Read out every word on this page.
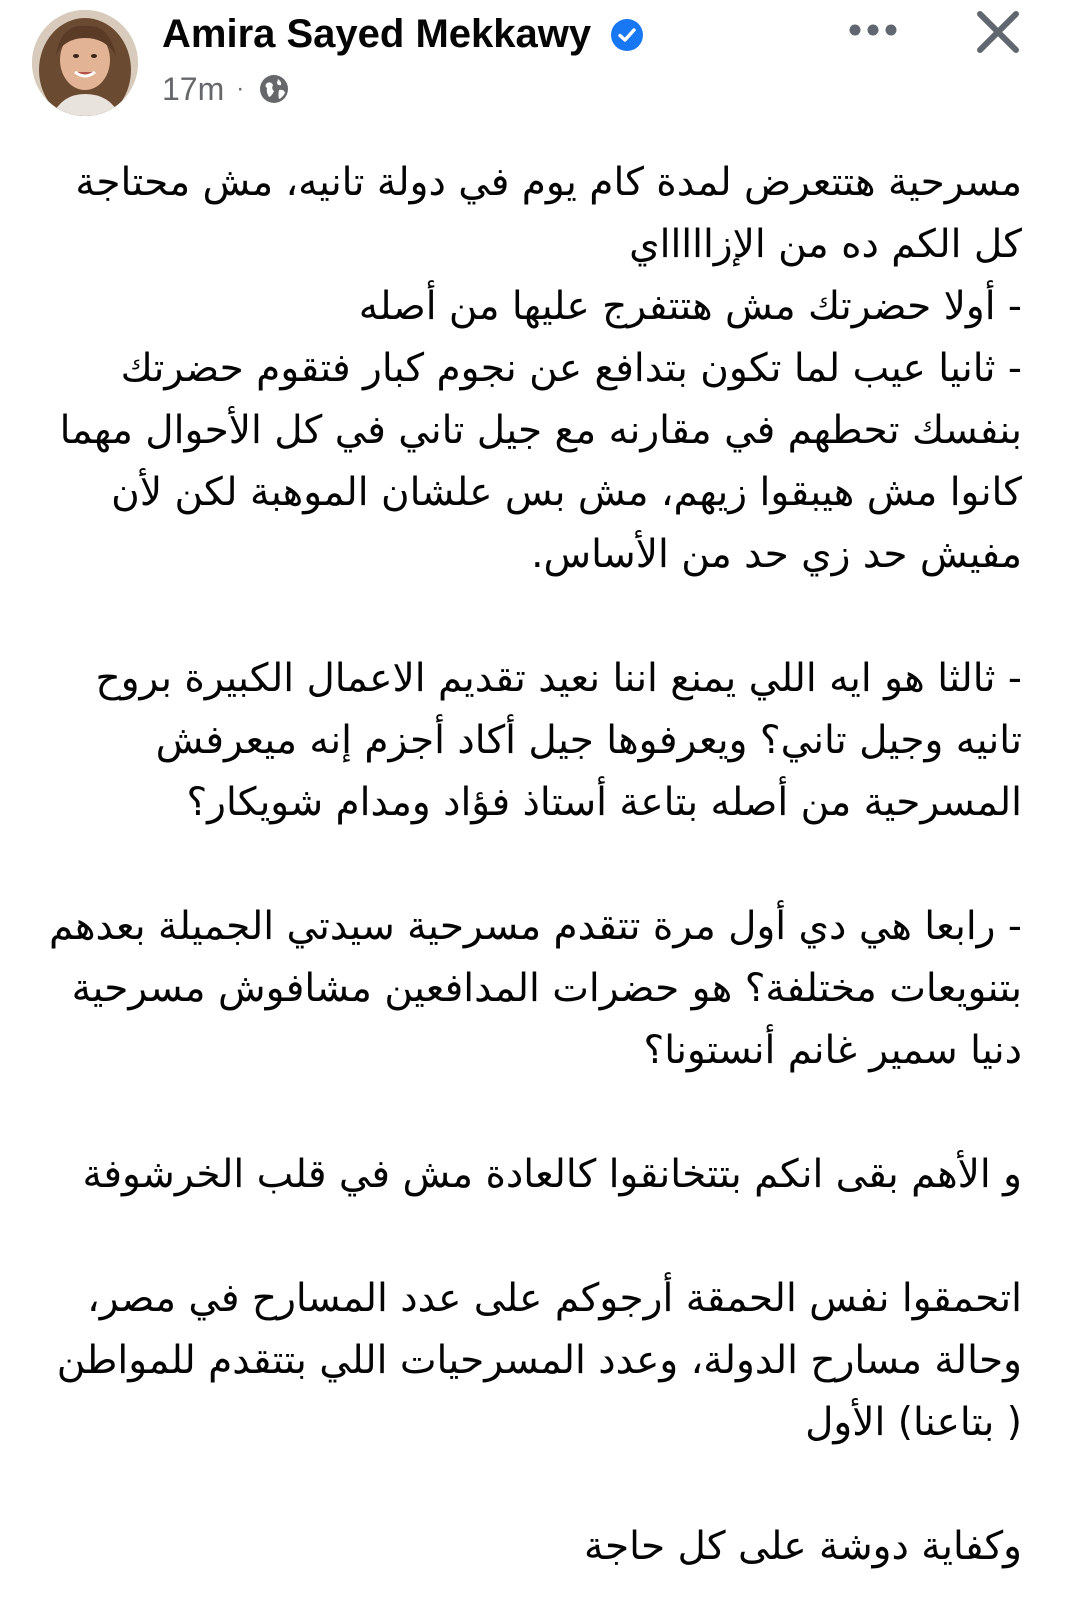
Amira Sayed Mekkawy
17m ·

مسرحية هتتعرض لمدة كام يوم في دولة تانيه، مش محتاجة كل الكم ده من الإزاااااي

- أولا حضرتك مش هتتفرج عليها من أصله

- ثانيا عيب لما تكون بتدافع عن نجوم كبار فتقوم حضرتك بنفسك تحطهم في مقارنه مع جيل تاني في كل الأحوال مهما كانوا مش هيبقوا زيهم، مش بس علشان الموهبة لكن لأن مفيش حد زي حد من الأساس.

- ثالثا هو ايه اللي يمنع اننا نعيد تقديم الاعمال الكبيرة بروح تانيه وجيل تاني؟ ويعرفوها جيل أكاد أجزم إنه ميعرفش المسرحية من أصله بتاعة أستاذ فؤاد ومدام شويكار؟

- رابعا هي دي أول مرة تتقدم مسرحية سيدتي الجميلة بعدهم بتنويعات مختلفة؟ هو حضرات المدافعين مشافوش مسرحية دنيا سمير غانم أنستونا؟

و الأهم بقى انكم بتتخانقوا كالعادة مش في قلب الخرشوفة

اتحمقوا نفس الحمقة أرجوكم على عدد المسارح في مصر، وحالة مسارح الدولة، وعدد المسرحيات اللي بتتقدم للمواطن ( بتاعنا) الأول

وكفاية دوشة على كل حاجة
